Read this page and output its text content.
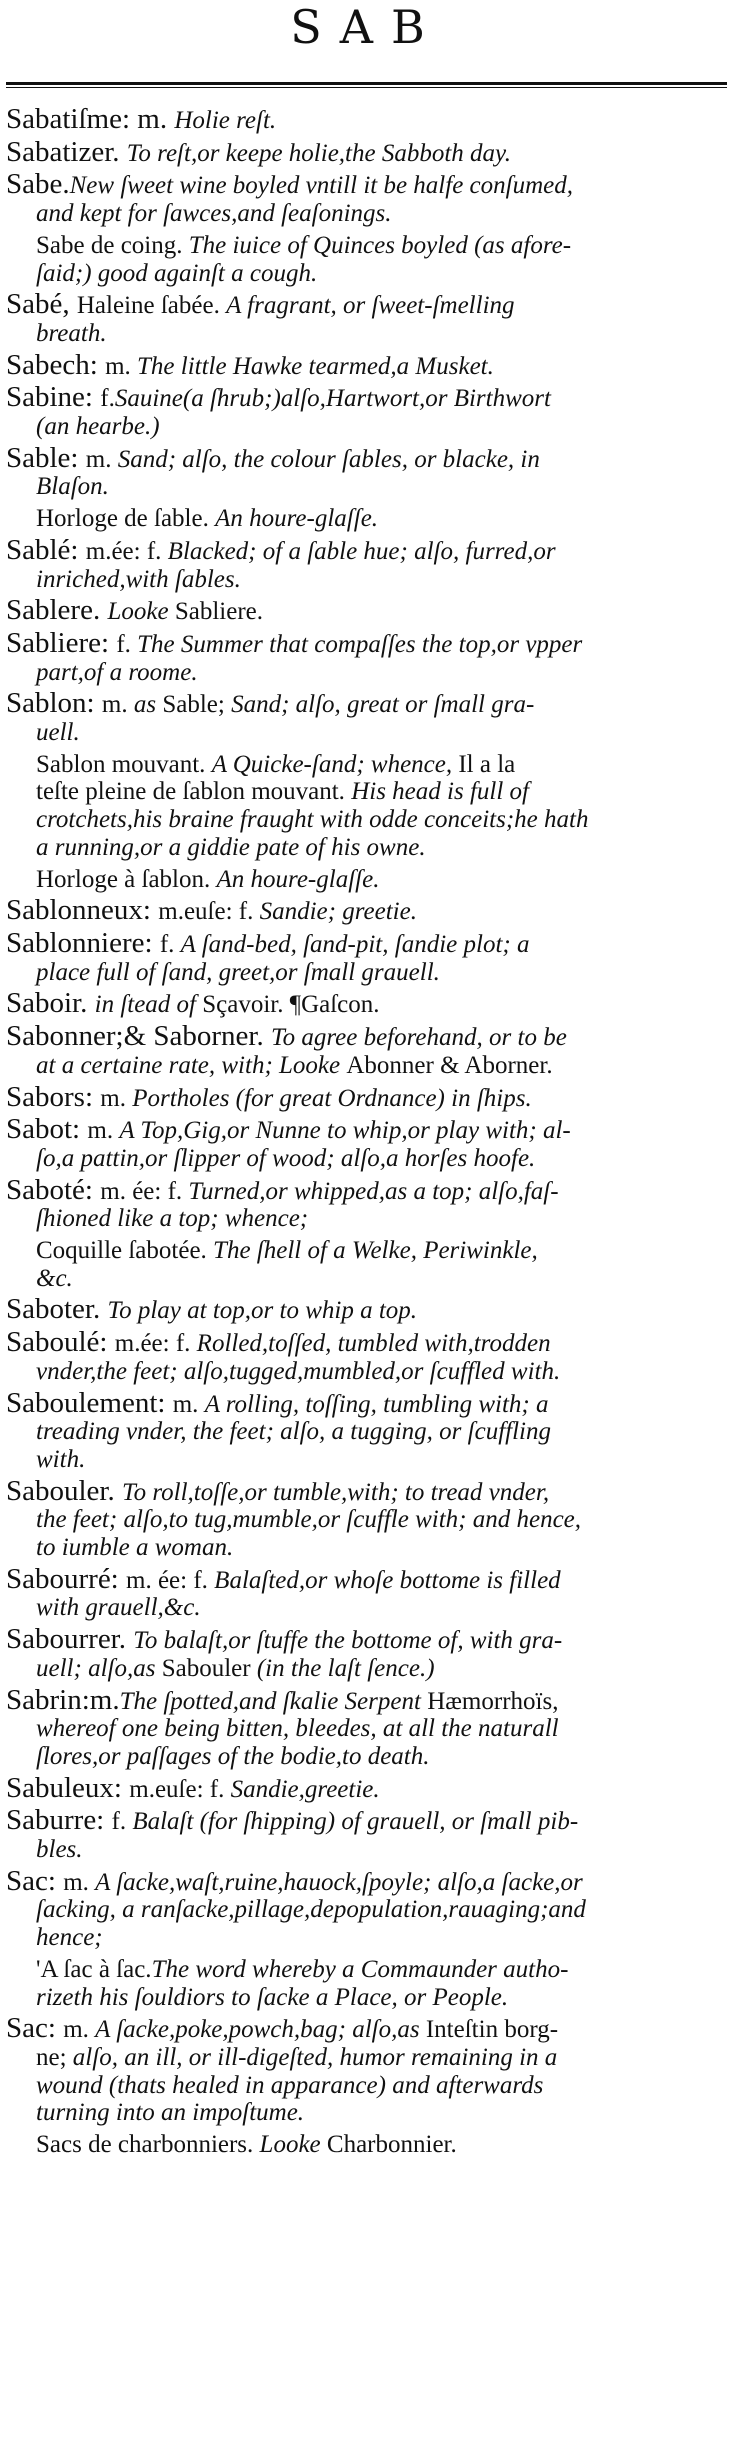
SAB
Sabatiſme: m. Holie reſt.
Sabatizer. To reſt,or keepe holie,the Sabboth day.
Sabe.New ſweet wine boyled vntill it be halfe conſumed,
and kept for ſawces,and ſeaſonings.
Sabe de coing. The iuice of Quinces boyled (as afore-
ſaid;) good againſt a cough.
Sabé, Haleine ſabée. A fragrant, or ſweet-ſmelling
breath.
Sabech: m. The little Hawke tearmed,a Musket.
Sabine: f.Sauine(a ſhrub;)alſo,Hartwort,or Birthwort
(an hearbe.)
Sable: m. Sand; alſo, the colour ſables, or blacke, in
Blaſon.
Horloge de ſable. An houre-glaſſe.
Sablé: m.ée: f. Blacked; of a ſable hue; alſo, furred,or
inriched,with ſables.
Sablere. Looke Sabliere.
Sabliere: f. The Summer that compaſſes the top,or vpper
part,of a roome.
Sablon: m. as Sable; Sand; alſo, great or ſmall gra-
uell.
Sablon mouvant. A Quicke-ſand; whence, Il a la
teſte pleine de ſablon mouvant. His head is full of
crotchets,his braine fraught with odde conceits;he hath
a running,or a giddie pate of his owne.
Horloge à ſablon. An houre-glaſſe.
Sablonneux: m.euſe: f. Sandie; greetie.
Sablonniere: f. A ſand-bed, ſand-pit, ſandie plot; a
place full of ſand, greet,or ſmall grauell.
Saboir. in ſtead of Sçavoir. ¶Gaſcon.
Sabonner;& Saborner. To agree beforehand, or to be
at a certaine rate, with; Looke Abonner & Aborner.
Sabors: m. Portholes (for great Ordnance) in ſhips.
Sabot: m. A Top,Gig,or Nunne to whip,or play with; al-
ſo,a pattin,or ſlipper of wood; alſo,a horſes hoofe.
Saboté: m. ée: f. Turned,or whipped,as a top; alſo,faſ-
ſhioned like a top; whence;
Coquille ſabotée. The ſhell of a Welke, Periwinkle,
&c.
Saboter. To play at top,or to whip a top.
Saboulé: m.ée: f. Rolled,toſſed, tumbled with,trodden
vnder,the feet; alſo,tugged,mumbled,or ſcuffled with.
Saboulement: m. A rolling, toſſing, tumbling with; a
treading vnder, the feet; alſo, a tugging, or ſcuffling
with.
Sabouler. To roll,toſſe,or tumble,with; to tread vnder,
the feet; alſo,to tug,mumble,or ſcuffle with; and hence,
to iumble a woman.
Sabourré: m. ée: f. Balaſted,or whoſe bottome is filled
with grauell,&c.
Sabourrer. To balaſt,or ſtuffe the bottome of, with gra-
uell; alſo,as Sabouler (in the laſt ſence.)
Sabrin:m.The ſpotted,and ſkalie Serpent Hæmorrhoïs,
whereof one being bitten, bleedes, at all the naturall
ſlores,or paſſages of the bodie,to death.
Sabuleux: m.euſe: f. Sandie,greetie.
Saburre: f. Balaſt (for ſhipping) of grauell, or ſmall pib-
bles.
Sac: m. A ſacke,waſt,ruine,hauock,ſpoyle; alſo,a ſacke,or
ſacking, a ranſacke,pillage,depopulation,rauaging;and
hence;
'A ſac à ſac.The word whereby a Commaunder autho-
rizeth his ſouldiors to ſacke a Place, or People.
Sac: m. A ſacke,poke,powch,bag; alſo,as Inteſtin borg-
ne; alſo, an ill, or ill-digeſted, humor remaining in a
wound (thats healed in apparance) and afterwards
turning into an impoſtume.
Sacs de charbonniers. Looke Charbonnier.
